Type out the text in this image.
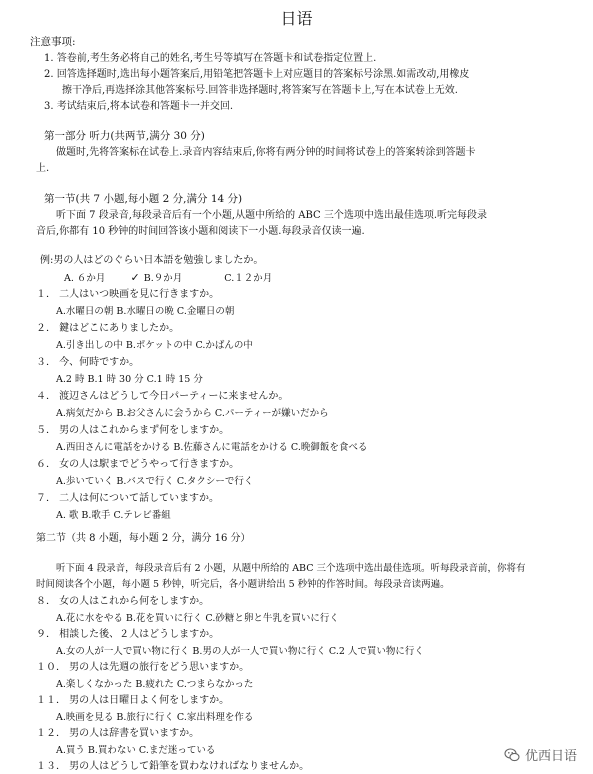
日语
注意事项:
1. 答卷前,考生务必将自己的姓名,考生号等填写在答题卡和试卷指定位置上.
2. 回答选择题时,选出每小题答案后,用铅笔把答题卡上对应题目的答案标号涂黑.如需改动,用橡皮
擦干净后,再选择涂其他答案标号.回答非选择题时,将答案写在答题卡上,写在本试卷上无效.
3. 考试结束后,将本试卷和答题卡一并交回.
第一部分 听力(共两节,满分 30 分)
做题时,先将答案标在试卷上.录音内容结束后,你将有两分钟的时间将试卷上的答案转涂到答题卡
上.
第一节(共 7 小题,每小题 2 分,满分 14 分)
听下面 7 段录音,每段录音后有一个小题,从题中所给的 ABC 三个选项中选出最佳选项.听完每段录
音后,你都有 10 秒钟的时间回答该小题和阅读下一小题.每段录音仅读一遍.
例:男の人はどのぐらい日本語を勉強しましたか。
A. ６か月 ✓ B.９か月	C.１２か月
１． 二人はいつ映画を見に行きますか。
A.水曜日の朝 B.水曜日の晩 C.金曜日の朝
２． 鍵はどこにありましたか。
A.引き出しの中 B.ポケットの中 C.かばんの中
３． 今、何時ですか。
A.2 時 B.1 時 30 分 C.1 時 15 分
４． 渡辺さんはどうして今日パーティーに来ませんか。
A.病気だから B.お父さんに会うから C.パーティーが嫌いだから
５． 男の人はこれからまず何をしますか。
A.西田さんに電話をかける B.佐藤さんに電話をかける C.晩御飯を食べる
６． 女の人は駅までどうやって行きますか。
A.歩いていく B.バスで行く C.タクシーで行く
７． 二人は何について話していますか。
A. 歌 B.歌手 C.テレビ番組
第二节（共 8 小题，每小题 2 分，满分 16 分）
听下面 4 段录音，每段录音后有 2 小题，从题中所给的 ABC 三个选项中选出最佳选项。听每段录音前，你将有
时间阅读各个小题，每小题 5 秒钟，听完后，各小题讲给出 5 秒钟的作答时间。每段录音读两遍。
８． 女の人はこれから何をしますか。
A.花に水をやる B.花を買いに行く C.砂糖と卵と牛乳を買いに行く
９． 相談した後、２人はどうしますか。
A.女の人が一人で買い物に行く B.男の人が一人で買い物に行く C.2 人で買い物に行く
１０． 男の人は先週の旅行をどう思いますか。
A.楽しくなかった B.疲れた C.つまらなかった
１１． 男の人は日曜日よく何をしますか。
A.映画を見る B.旅行に行く C.家出料理を作る
１２． 男の人は辞書を買いますか。
A.買う B.買わない C.まだ迷っている	优西日语
１３． 男の人はどうして鉛筆を買わなければなりませんか。
